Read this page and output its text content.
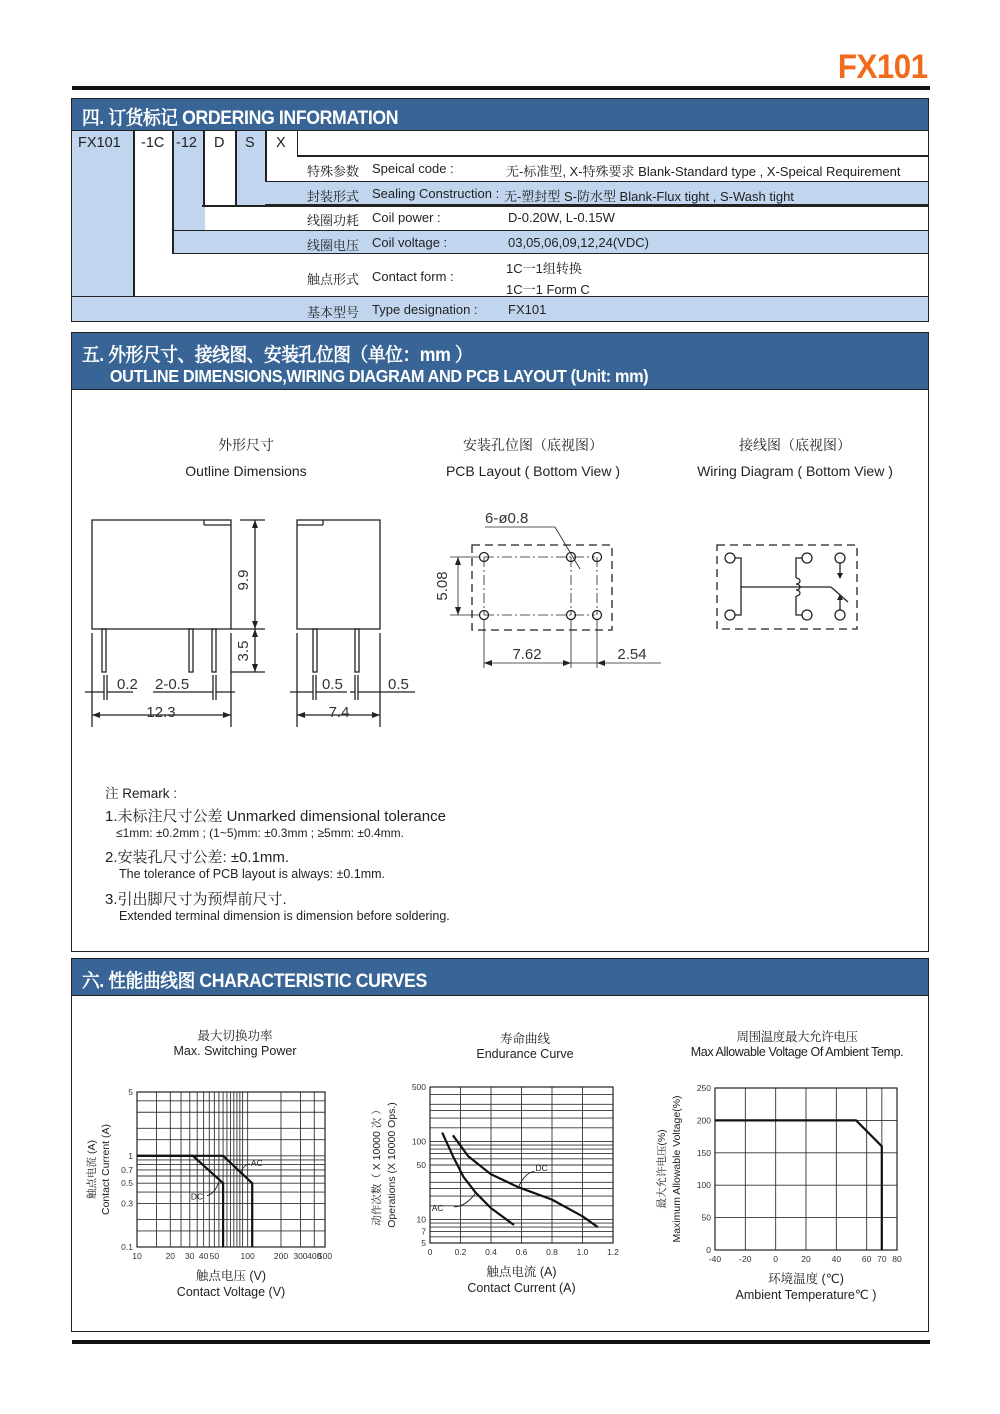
FX101
四. 订货标记 ORDERING INFORMATION
FX101 -1C -12 D S X
特殊参数 Speical code :	无-标准型, X-特殊要求 Blank-Standard type , X-Speical Requirement
封装形式 Sealing Construction : 无-塑封型 S-防水型 Blank-Flux tight , S-Wash tight
线圈功耗 Coil power :	D-0.20W, L-0.15W
线圈电压 Coil voltage :	03,05,06,09,12,24(VDC)
触点形式 Contact form :
1C一1组转换
1C一1 Form C
基本型号 Type designation : FX101
五. 外形尺寸、接线图、安装孔位图（单位：mm ）
OUTLINE DIMENSIONS,WIRING DIAGRAM AND PCB LAYOUT (Unit: mm)
外形尺寸
Outline Dimensions
安装孔位图（底视图）
PCB Layout ( Bottom View )
接线图（底视图）
Wiring Diagram ( Bottom View )
9.9
3.5
0.2 2-0.5
12.3
0.5	0.5
7.4
6-ø0.8
5.08
7.62	2.54
注 Remark :
1.未标注尺寸公差 Unmarked dimensional tolerance
≤1mm: ±0.2mm ; (1~5)mm: ±0.3mm ; ≥5mm: ±0.4mm.
2.安装孔尺寸公差: ±0.1mm.
The tolerance of PCB layout is always: ±0.1mm.
3.引出脚尺寸为预焊前尺寸.
Extended terminal dimension is dimension before soldering.
六. 性能曲线图 CHARACTERISTIC CURVES
最大切换功率
Max. Switching Power
寿命曲线
Endurance Curve
周围温度最大允许电压
Max Allowable Voltage Of Ambient Temp.
10	20 30 40 50	100 200 300 400
500
0.1
0.3
0.5
0.7
1
5
触点电压 (V)
Contact Voltage (V)
触点电流 (A) Contact Current (A)	DC
AC
0	0.2 0.4 0.6 0.8 1.0 1.2
5
7
10
50
100
500
触点电流 (A)
Contact Current (A)
动作次数（ X 10000 次 ） Operations (X 10000 Ops.)	AC
DC
-40 -20	0	20 40 60 70 80
0
50
100
150
200
250
环境温度 (℃)
Ambient Temperature℃ )
最大允许电压(%) Maximum Allowable Voltage(%)
